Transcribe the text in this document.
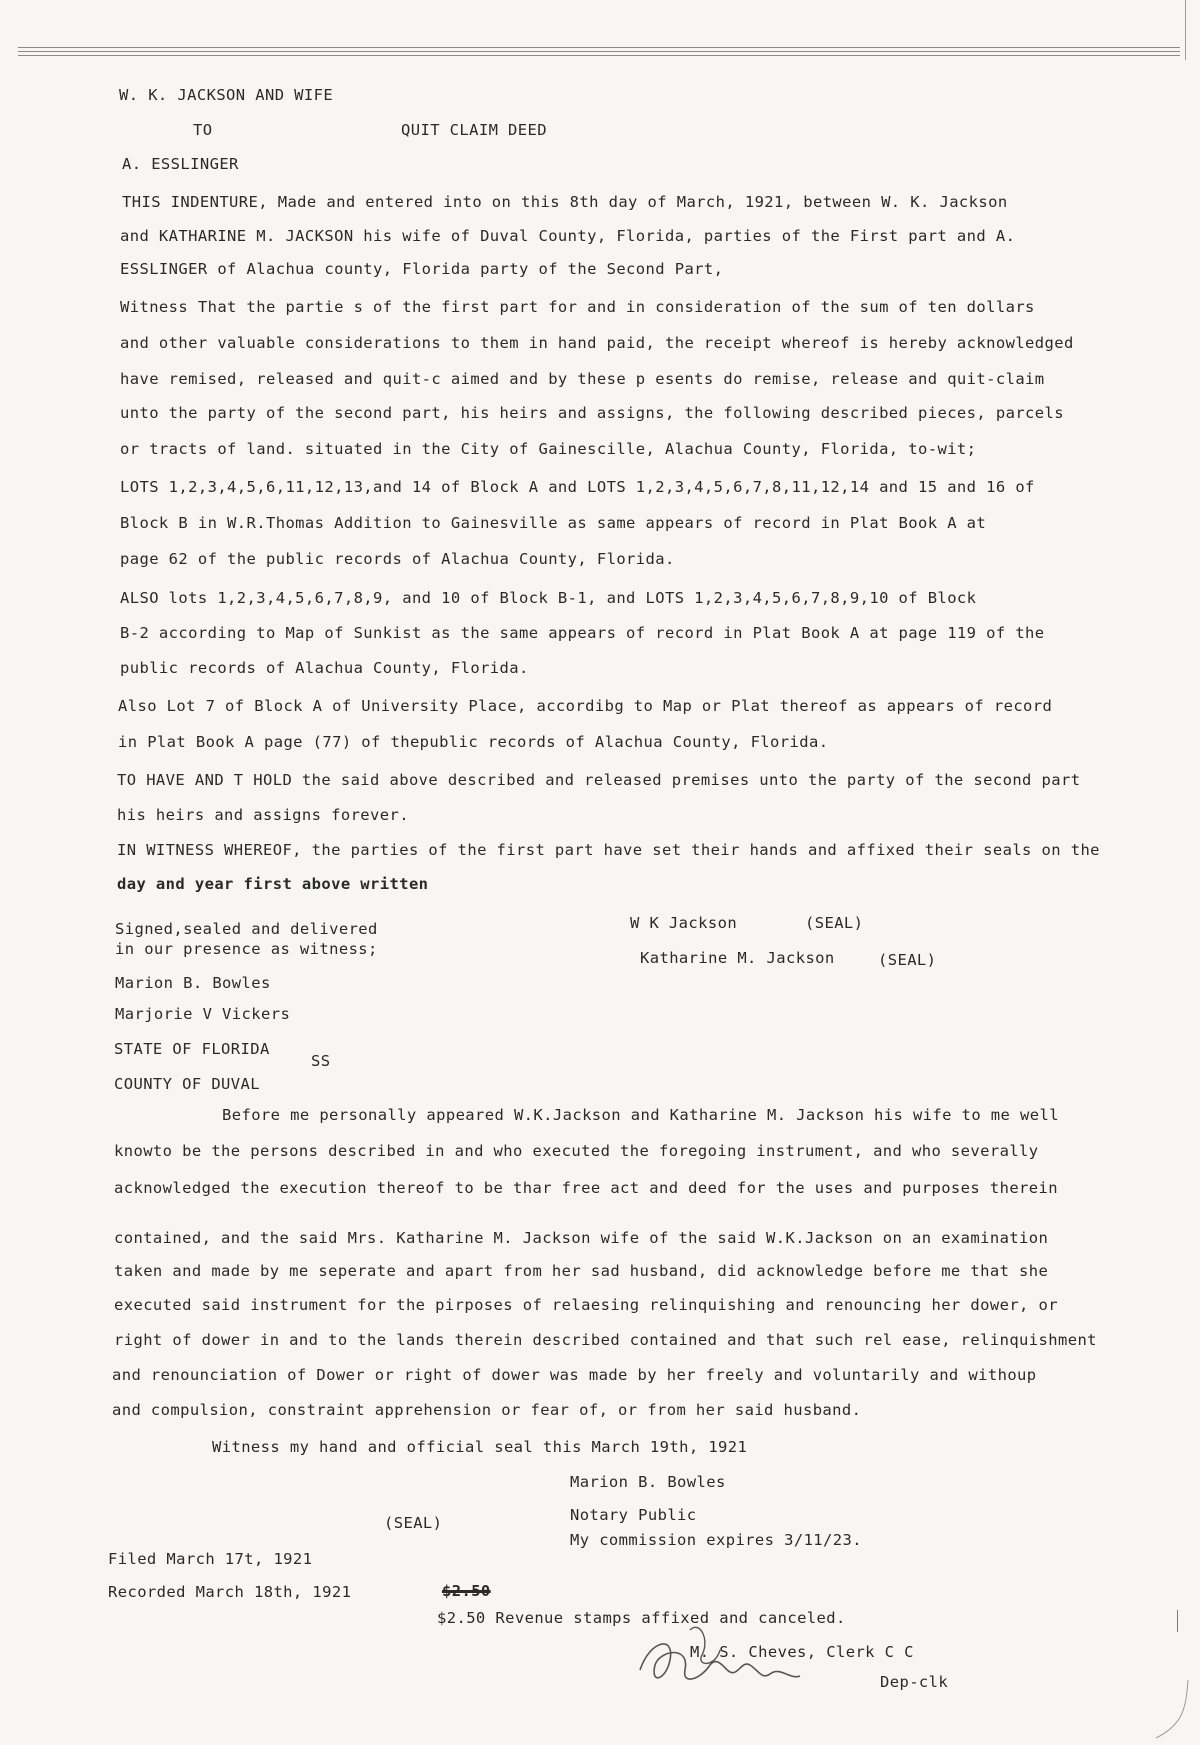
W. K. JACKSON AND WIFE
TO	QUIT CLAIM DEED
A. ESSLINGER
THIS INDENTURE, Made and entered into on this 8th day of March, 1921, between W. K. Jackson
and KATHARINE M. JACKSON his wife of Duval County, Florida, parties of the First part and A.
ESSLINGER of Alachua county, Florida party of the Second Part,
Witness That the partie s of the first part for and in consideration of the sum of ten dollars
and other valuable considerations to them in hand paid, the receipt whereof is hereby acknowledged
have remised, released and quit-c aimed and by these p esents do remise, release and quit-claim
unto the party of the second part, his heirs and assigns, the following described pieces, parcels
or tracts of land. situated in the City of Gainescille, Alachua County, Florida, to-wit;
LOTS 1,2,3,4,5,6,11,12,13,and 14 of Block A and LOTS 1,2,3,4,5,6,7,8,11,12,14 and 15 and 16 of
Block B in W.R.Thomas Addition to Gainesville as same appears of record in Plat Book A at
page 62 of the public records of Alachua County, Florida.
ALSO lots 1,2,3,4,5,6,7,8,9, and 10 of Block B-1, and LOTS 1,2,3,4,5,6,7,8,9,10 of Block
B-2 according to Map of Sunkist as the same appears of record in Plat Book A at page 119 of the
public records of Alachua County, Florida.
Also Lot 7 of Block A of University Place, accordibg to Map or Plat thereof as appears of record
in Plat Book A page (77) of thepublic records of Alachua County, Florida.
TO HAVE AND T HOLD the said above described and released premises unto the party of the second part
his heirs and assigns forever.
IN WITNESS WHEREOF, the parties of the first part have set their hands and affixed their seals on the
day and year first above written
Signed,sealed and delivered
in our presence as witness;
Marion B. Bowles
Marjorie V Vickers
W K Jackson	(SEAL)
Katharine M. Jackson	(SEAL)
STATE OF FLORIDA
SS
COUNTY OF DUVAL
Before me personally appeared W.K.Jackson and Katharine M. Jackson his wife to me well
knowto be the persons described in and who executed the foregoing instrument, and who severally
acknowledged the execution thereof to be thar free act and deed for the uses and purposes therein
contained, and the said Mrs. Katharine M. Jackson wife of the said W.K.Jackson on an examination
taken and made by me seperate and apart from her sad husband, did acknowledge before me that she
executed said instrument for the pirposes of relaesing relinquishing and renouncing her dower, or
right of dower in and to the lands therein described contained and that such rel ease, relinquishment
and renounciation of Dower or right of dower was made by her freely and voluntarily and withoup
and compulsion, constraint apprehension or fear of, or from her said husband.
Witness my hand and official seal this March 19th, 1921
Marion B. Bowles
Notary Public
(SEAL)
My commission expires 3/11/23.
Filed March 17t, 1921
Recorded March 18th, 1921	$2.50
$2.50 Revenue stamps affixed and canceled.
M. S. Cheves, Clerk C C
Dep-clk
